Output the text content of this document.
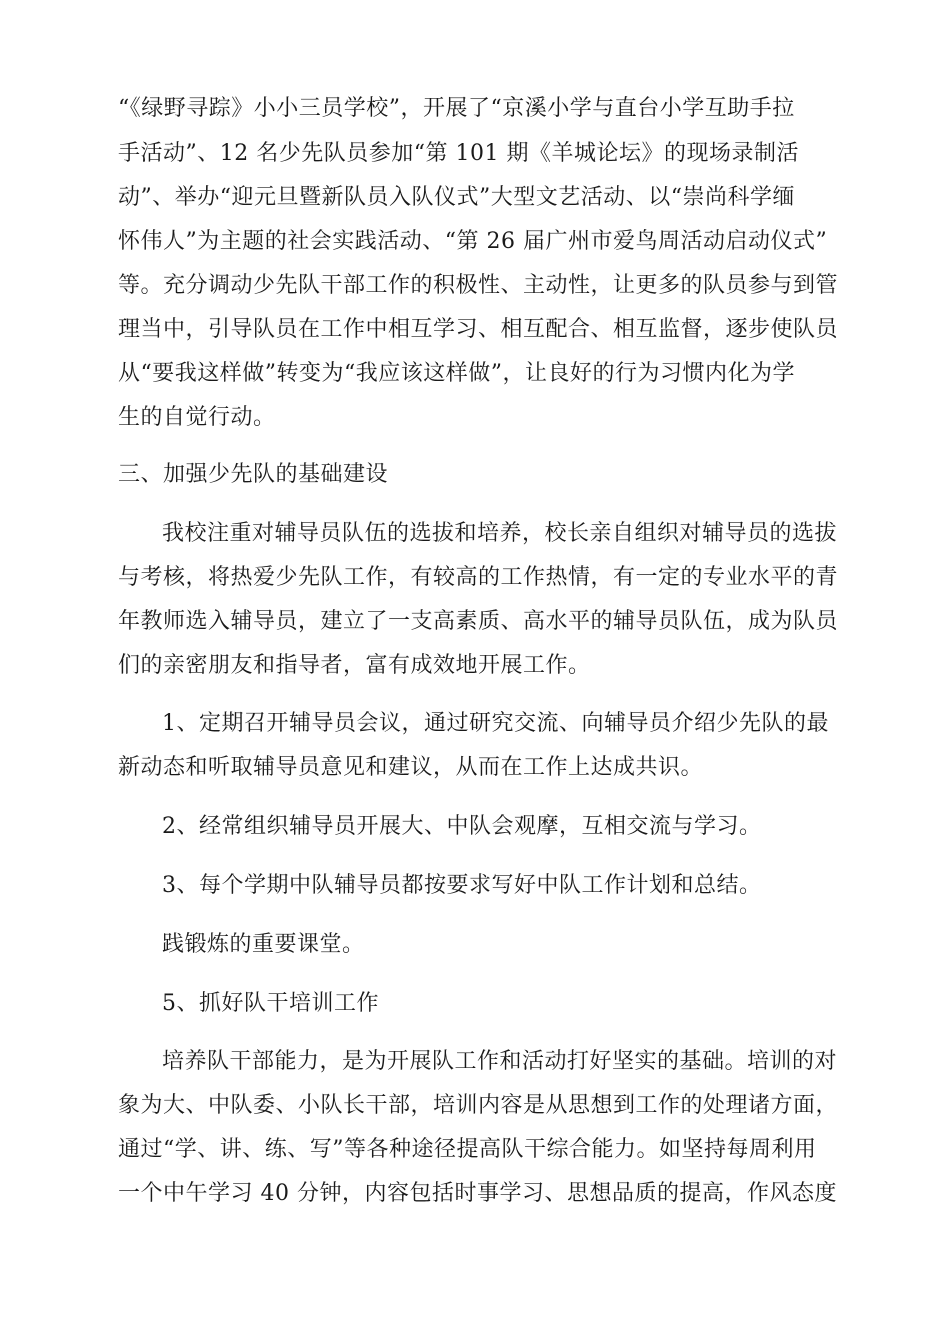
“《绿野寻踪》小小三员学校”，开展了“京溪小学与直台小学互助手拉
手活动”、12 名少先队员参加“第 101 期《羊城论坛》的现场录制活
动”、举办“迎元旦暨新队员入队仪式”大型文艺活动、以“崇尚科学缅
怀伟人”为主题的社会实践活动、“第 26 届广州市爱鸟周活动启动仪式”
等。充分调动少先队干部工作的积极性、主动性，让更多的队员参与到管
理当中，引导队员在工作中相互学习、相互配合、相互监督，逐步使队员
从“要我这样做”转变为“我应该这样做”，让良好的行为习惯内化为学
生的自觉行动。
三、加强少先队的基础建设
我校注重对辅导员队伍的选拔和培养，校长亲自组织对辅导员的选拔
与考核，将热爱少先队工作，有较高的工作热情，有一定的专业水平的青
年教师选入辅导员，建立了一支高素质、高水平的辅导员队伍，成为队员
们的亲密朋友和指导者，富有成效地开展工作。
1、定期召开辅导员会议，通过研究交流、向辅导员介绍少先队的最
新动态和听取辅导员意见和建议，从而在工作上达成共识。
2、经常组织辅导员开展大、中队会观摩，互相交流与学习。
3、每个学期中队辅导员都按要求写好中队工作计划和总结。
践锻炼的重要课堂。
5、抓好队干培训工作
培养队干部能力，是为开展队工作和活动打好坚实的基础。培训的对
象为大、中队委、小队长干部，培训内容是从思想到工作的处理诸方面，
通过“学、讲、练、写”等各种途径提高队干综合能力。如坚持每周利用
一个中午学习 40 分钟，内容包括时事学习、思想品质的提高，作风态度
